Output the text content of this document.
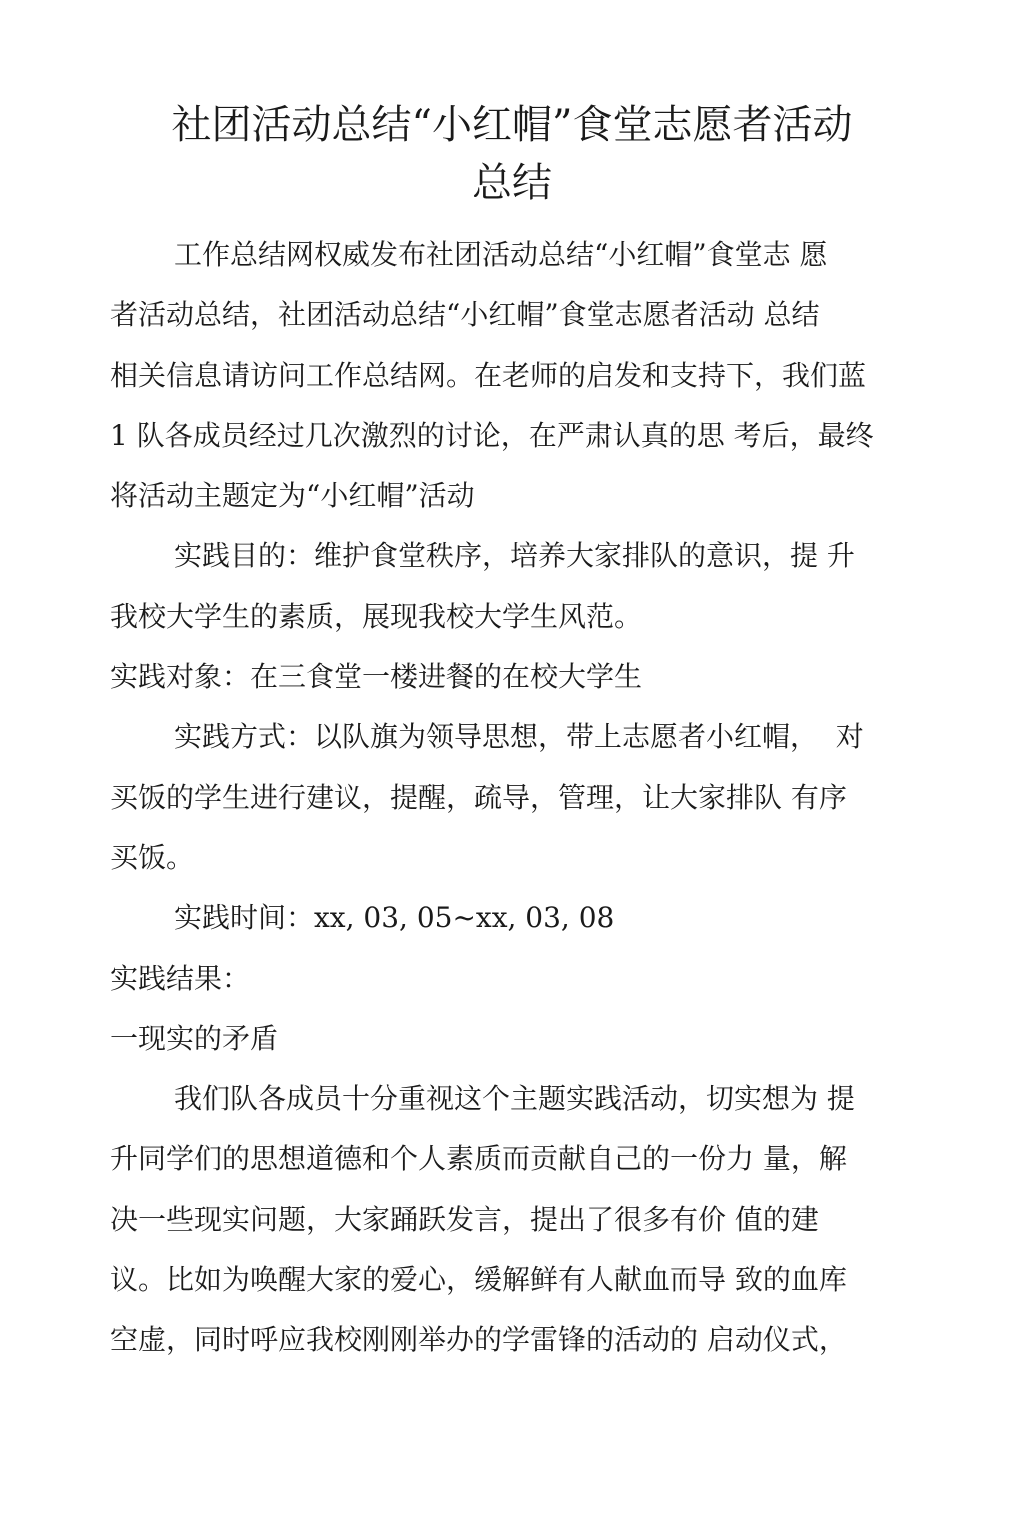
社团活动总结“小红帽”食堂志愿者活动
总结

工作总结网权威发布社团活动总结“小红帽”食堂志 愿
者活动总结，社团活动总结“小红帽”食堂志愿者活动 总结
相关信息请访问工作总结网。在老师的启发和支持下，我们蓝
1 队各成员经过几次激烈的讨论，在严肃认真的思 考后，最终
将活动主题定为“小红帽”活动

实践目的：维护食堂秩序，培养大家排队的意识，提 升
我校大学生的素质，展现我校大学生风范。

实践对象：在三食堂一楼进餐的在校大学生

实践方式：以队旗为领导思想，带上志愿者小红帽，  对
买饭的学生进行建议，提醒，疏导，管理，让大家排队 有序
买饭。

实践时间：xx, 03, 05~xx, 03, 08

实践结果：

一现实的矛盾

我们队各成员十分重视这个主题实践活动，切实想为 提
升同学们的思想道德和个人素质而贡献自己的一份力 量，解
决一些现实问题，大家踊跃发言，提出了很多有价 值的建
议。比如为唤醒大家的爱心，缓解鲜有人献血而导 致的血库
空虚，同时呼应我校刚刚举办的学雷锋的活动的 启动仪式，
